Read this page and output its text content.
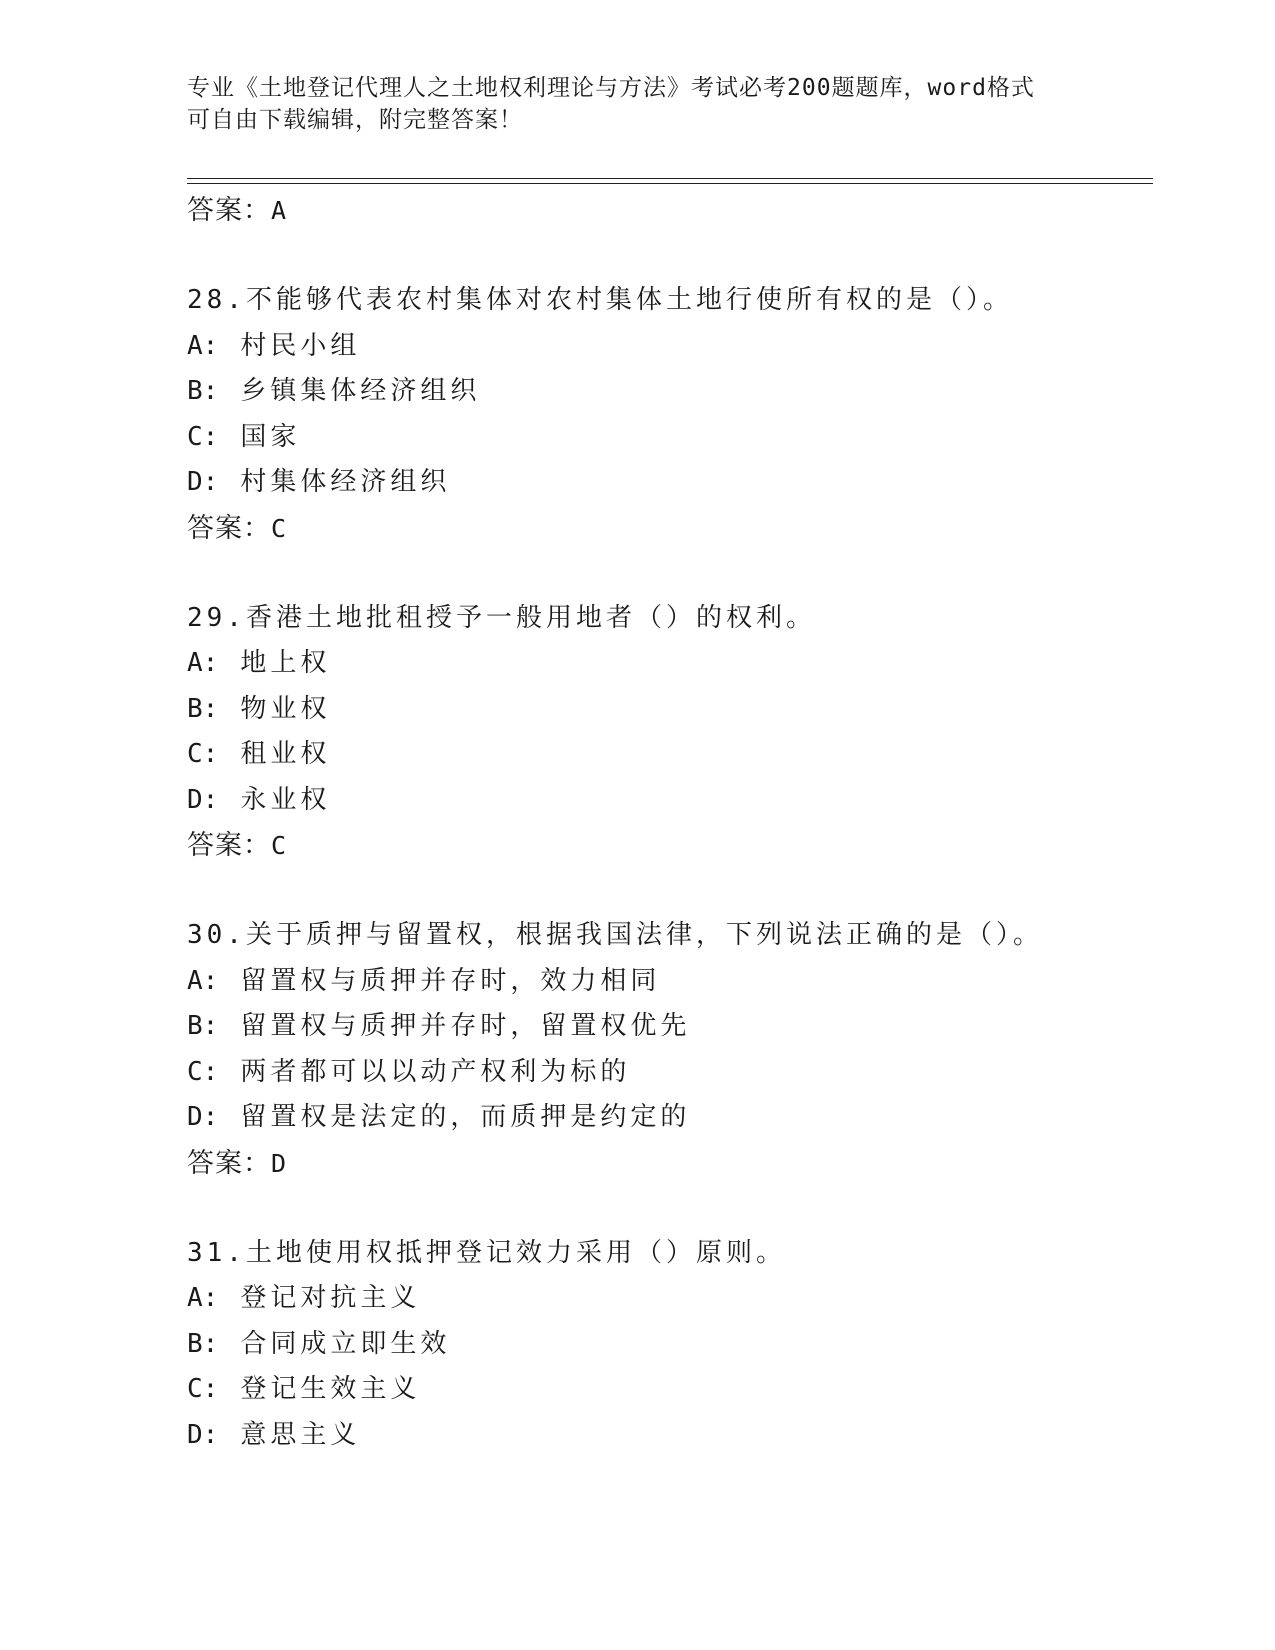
专业《土地登记代理人之土地权利理论与方法》考试必考200题题库，word格式
可自由下载编辑，附完整答案！
答案：A
28.不能够代表农村集体对农村集体土地行使所有权的是（）。
A: 村民小组
B: 乡镇集体经济组织
C: 国家
D: 村集体经济组织
答案：C
29.香港土地批租授予一般用地者（）的权利。
A: 地上权
B: 物业权
C: 租业权
D: 永业权
答案：C
30.关于质押与留置权，根据我国法律，下列说法正确的是（）。
A: 留置权与质押并存时，效力相同
B: 留置权与质押并存时，留置权优先
C: 两者都可以以动产权利为标的
D: 留置权是法定的，而质押是约定的
答案：D
31.土地使用权抵押登记效力采用（）原则。
A: 登记对抗主义
B: 合同成立即生效
C: 登记生效主义
D: 意思主义
